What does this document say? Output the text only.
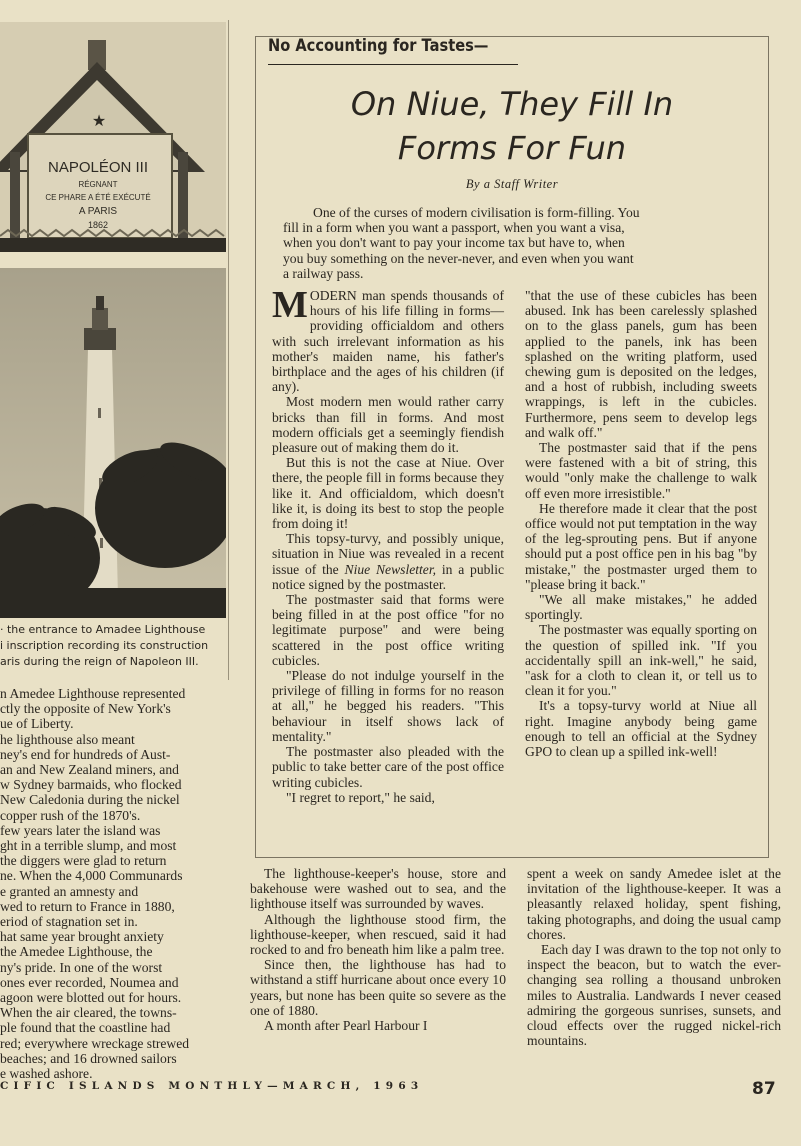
★
NAPOLÉON III
RÉGNANT
CE PHARE A ÉTÉ EXÉCUTÉ
A PARIS
1862
· the entrance to Amadee Lighthouse
i inscription recording its construction
aris during the reign of Napoleon III.
n Amedee Lighthouse represented
ctly the opposite of New York's
ue of Liberty.
he lighthouse also meant
ney's end for hundreds of Aust-
an and New Zealand miners, and
w Sydney barmaids, who flocked
New Caledonia during the nickel
copper rush of the 1870's.
few years later the island was
ght in a terrible slump, and most
the diggers were glad to return
ne. When the 4,000 Communards
e granted an amnesty and
wed to return to France in 1880,
eriod of stagnation set in.
hat same year brought anxiety
the Amedee Lighthouse, the
ny's pride. In one of the worst
ones ever recorded, Noumea and
agoon were blotted out for hours.
When the air cleared, the towns-
ple found that the coastline had
red; everywhere wreckage strewed
beaches; and 16 drowned sailors
e washed ashore.
No Accounting for Tastes—
On Niue, They Fill In
Forms For Fun
By a Staff Writer
One of the curses of modern civilisation is form-filling. You
fill in a form when you want a passport, when you want a visa,
when you don't want to pay your income tax but have to, when
you buy something on the never-never, and even when you want
a railway pass.

MODERN man spends thousands of hours of his life filling in forms—providing officialdom and others with such irrelevant information as his mother's maiden name, his father's birthplace and the ages of his children (if any).

Most modern men would rather carry bricks than fill in forms. And most modern officials get a seemingly fiendish pleasure out of making them do it.

But this is not the case at Niue. Over there, the people fill in forms because they like it. And officialdom, which doesn't like it, is doing its best to stop the people from doing it!

This topsy-turvy, and possibly unique, situation in Niue was revealed in a recent issue of the Niue Newsletter, in a public notice signed by the postmaster.

The postmaster said that forms were being filled in at the post office "for no legitimate purpose" and were being scattered in the post office writing cubicles.

"Please do not indulge yourself in the privilege of filling in forms for no reason at all," he begged his readers. "This behaviour in itself shows lack of mentality."

The postmaster also pleaded with the public to take better care of the post office writing cubicles.

"I regret to report," he said,

"that the use of these cubicles has been abused. Ink has been carelessly splashed on to the glass panels, gum has been applied to the panels, ink has been splashed on the writing platform, used chewing gum is deposited on the ledges, and a host of rubbish, including sweets wrappings, is left in the cubicles. Furthermore, pens seem to develop legs and walk off."

The postmaster said that if the pens were fastened with a bit of string, this would "only make the challenge to walk off even more irresistible."

He therefore made it clear that the post office would not put temptation in the way of the leg-sprouting pens. But if anyone should put a post office pen in his bag "by mistake," the postmaster urged them to "please bring it back."

"We all make mistakes," he added sportingly.

The postmaster was equally sporting on the question of spilled ink. "If you accidentally spill an ink-well," he said, "ask for a cloth to clean it, or tell us to clean it for you."

It's a topsy-turvy world at Niue all right. Imagine anybody being game enough to tell an official at the Sydney GPO to clean up a spilled ink-well!

The lighthouse-keeper's house, store and bakehouse were washed out to sea, and the lighthouse itself was surrounded by waves.

Although the lighthouse stood firm, the lighthouse-keeper, when rescued, said it had rocked to and fro beneath him like a palm tree.

Since then, the lighthouse has had to withstand a stiff hurricane about once every 10 years, but none has been quite so severe as the one of 1880.

A month after Pearl Harbour I

spent a week on sandy Amedee islet at the invitation of the lighthouse-keeper. It was a pleasantly relaxed holiday, spent fishing, taking photographs, and doing the usual camp chores.

Each day I was drawn to the top not only to inspect the beacon, but to watch the ever-changing sea rolling a thousand unbroken miles to Australia. Landwards I never ceased admiring the gorgeous sunrises, sunsets, and cloud effects over the rugged nickel-rich mountains.

CIFIC ISLANDS MONTHLY—MARCH, 1963	87
